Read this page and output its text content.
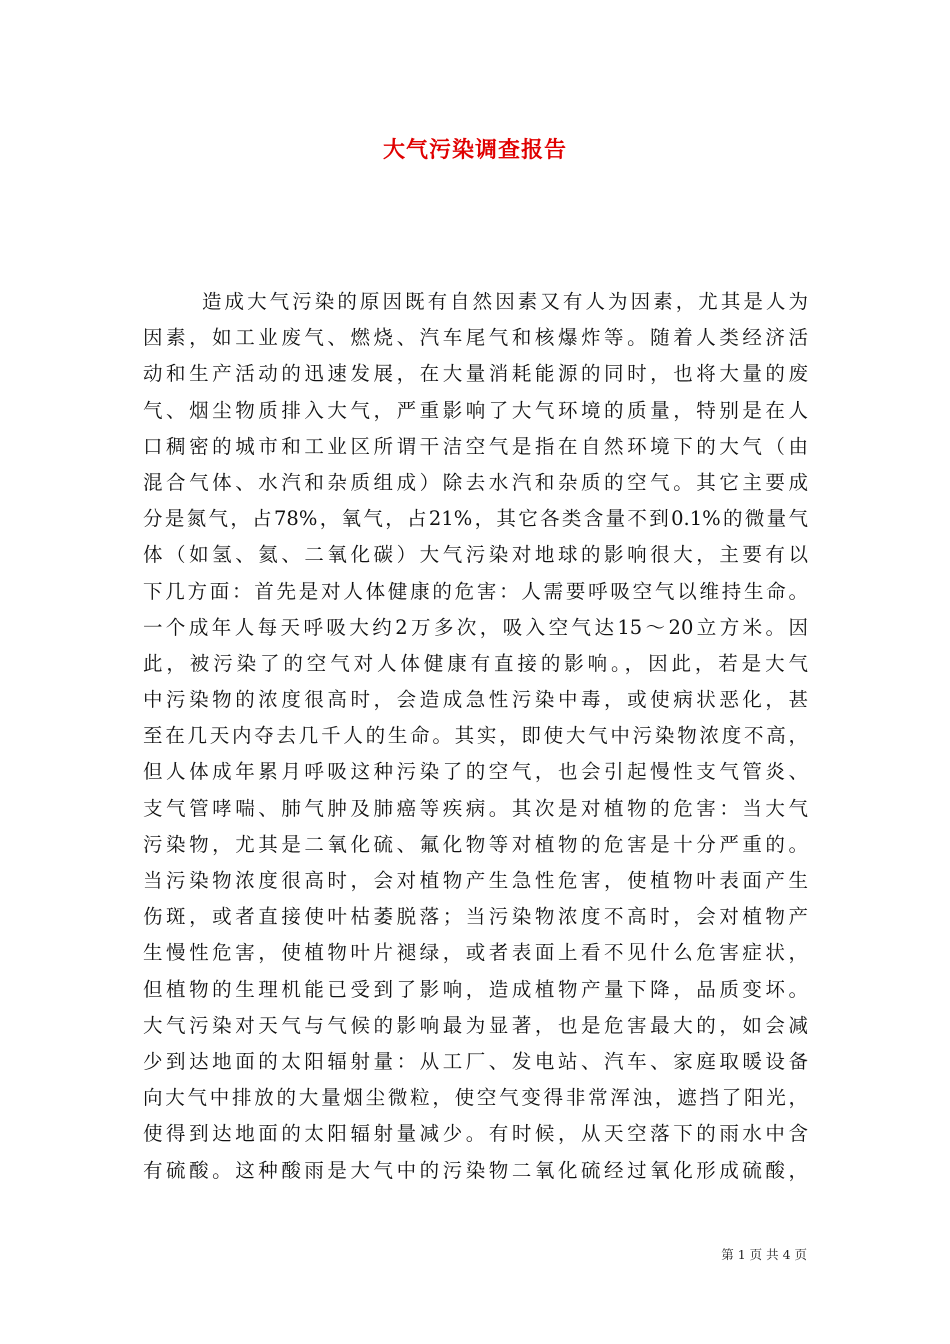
大气污染调查报告
造成大气污染的原因既有自然因素又有人为因素，尤其是人为
因素，如工业废气、燃烧、汽车尾气和核爆炸等。随着人类经济活
动和生产活动的迅速发展，在大量消耗能源的同时，也将大量的废
气、烟尘物质排入大气，严重影响了大气环境的质量，特别是在人
口稠密的城市和工业区所谓干洁空气是指在自然环境下的大气（由
混合气体、水汽和杂质组成）除去水汽和杂质的空气。其它主要成
分是氮气，占78%，氧气，占21%，其它各类含量不到0.1%的微量气
体（如氢、氦、二氧化碳）大气污染对地球的影响很大，主要有以
下几方面：首先是对人体健康的危害：人需要呼吸空气以维持生命。
一个成年人每天呼吸大约2万多次，吸入空气达15～20立方米。因
此，被污染了的空气对人体健康有直接的影响。，因此，若是大气
中污染物的浓度很高时，会造成急性污染中毒，或使病状恶化，甚
至在几天内夺去几千人的生命。其实，即使大气中污染物浓度不高，
但人体成年累月呼吸这种污染了的空气，也会引起慢性支气管炎、
支气管哮喘、肺气肿及肺癌等疾病。其次是对植物的危害：当大气
污染物，尤其是二氧化硫、氟化物等对植物的危害是十分严重的。
当污染物浓度很高时，会对植物产生急性危害，使植物叶表面产生
伤斑，或者直接使叶枯萎脱落；当污染物浓度不高时，会对植物产
生慢性危害，使植物叶片褪绿，或者表面上看不见什么危害症状，
但植物的生理机能已受到了影响，造成植物产量下降，品质变坏。
大气污染对天气与气候的影响最为显著，也是危害最大的，如会减
少到达地面的太阳辐射量：从工厂、发电站、汽车、家庭取暖设备
向大气中排放的大量烟尘微粒，使空气变得非常浑浊，遮挡了阳光，
使得到达地面的太阳辐射量减少。有时候，从天空落下的雨水中含
有硫酸。这种酸雨是大气中的污染物二氧化硫经过氧化形成硫酸，
第 1 页 共 4 页
